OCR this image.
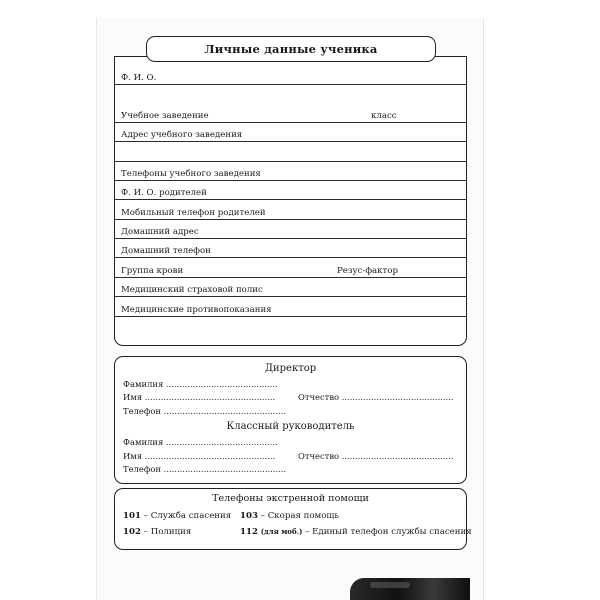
Ф. И. О.
Учебное заведение	класс
Адрес учебного заведения
Телефоны учебного заведения
Ф. И. О. родителей
Мобильный телефон родителей
Домашний адрес
Домашний телефон
Группа крови	Резус-фактор
Медицинский страховой полис
Медицинские противопоказания
Личные данные ученика
Директор
Фамилия ..........................................
Имя .................................................	Отчество ..........................................
Телефон ..............................................
Классный руководитель
Фамилия ..........................................
Имя .................................................	Отчество ..........................................
Телефон ..............................................
Телефоны экстренной помощи
101 – Служба спасения 103 – Скорая помощь
102 – Полиция	112 (для моб.) – Единый телефон службы спасения
